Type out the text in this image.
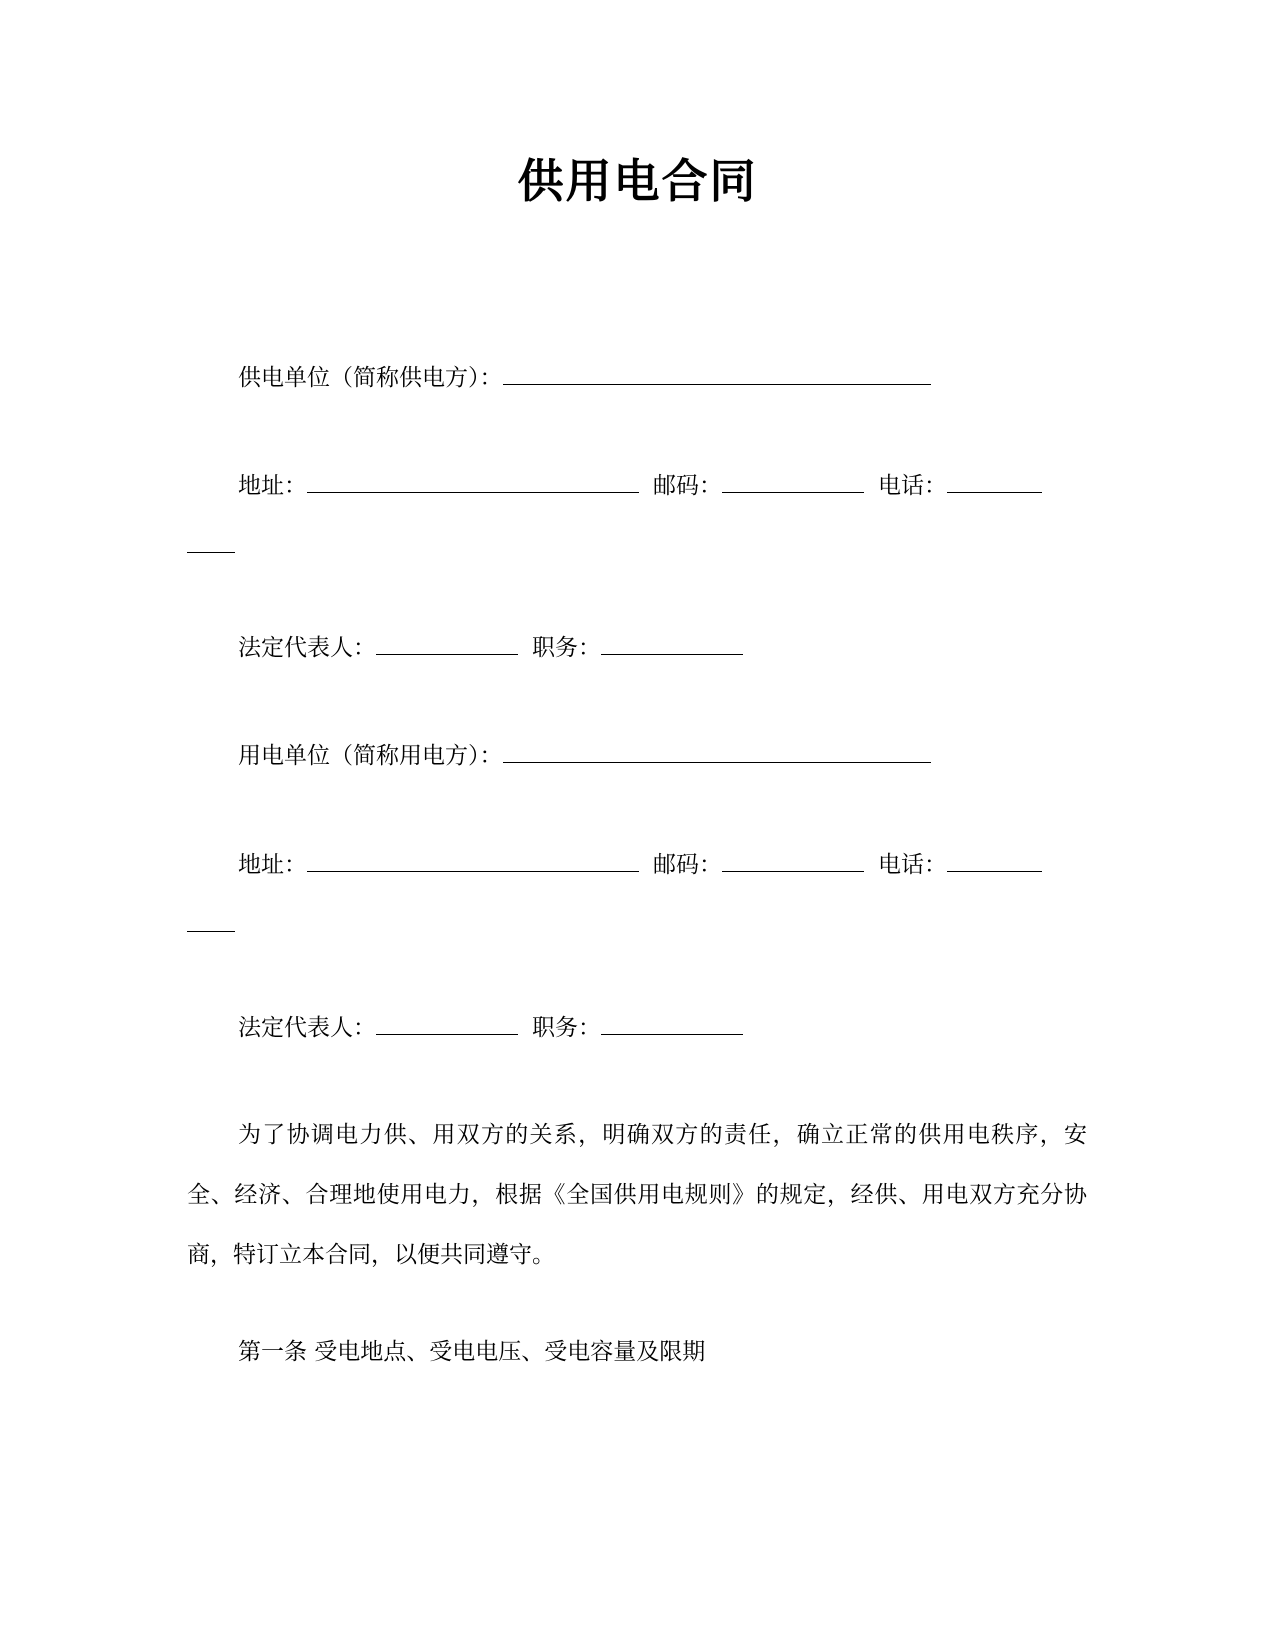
供用电合同
供电单位（简称供电方）：
地址：	邮码：	电话：
法定代表人：	职务：
用电单位（简称用电方）：
地址：	邮码：	电话：
法定代表人：	职务：
为了协调电力供、用双方的关系，明确双方的责任，确立正常的供用电秩序，安全、经济、合理地使用电力，根据《全国供用电规则》的规定，经供、用电双方充分协商，特订立本合同，以便共同遵守。
第一条 受电地点、受电电压、受电容量及限期
